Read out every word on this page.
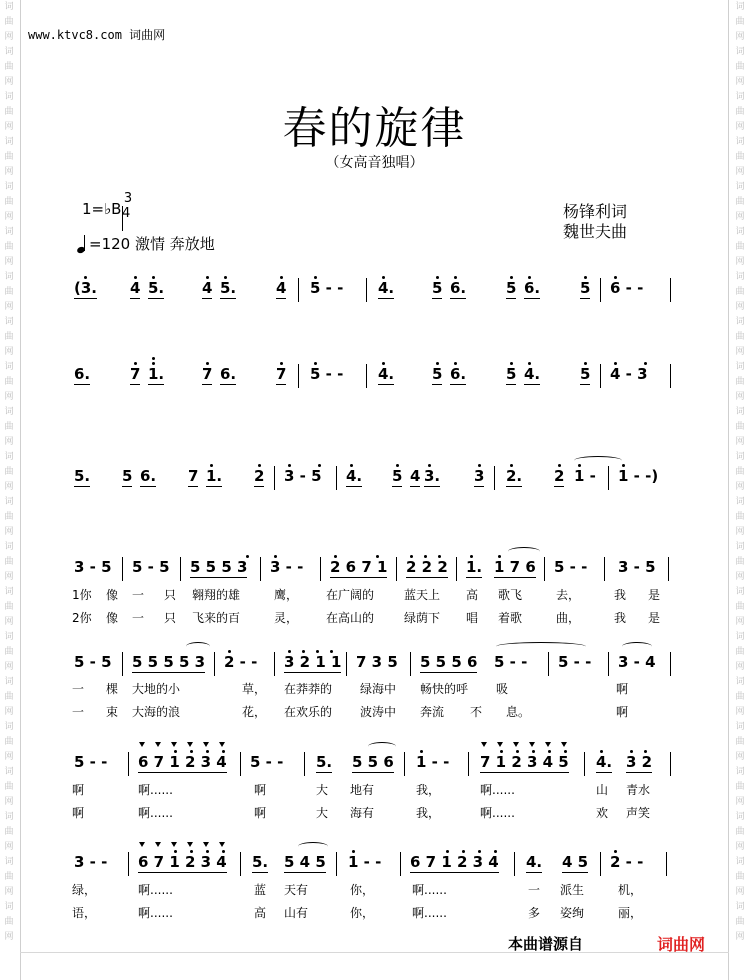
词曲网词曲网词曲网词曲网词曲网词曲网词曲网词曲网词曲网词曲网词曲网词曲网词曲网词曲网词曲网词曲网词曲网词曲网词曲网词曲网词曲网
词曲网词曲网词曲网词曲网词曲网词曲网词曲网词曲网词曲网词曲网词曲网词曲网词曲网词曲网词曲网词曲网词曲网词曲网词曲网词曲网词曲网
www.ktvc8.com 词曲网
春的旋律
（女高音独唱）
1=♭B
3
4
=120 激情 奔放地
杨锋利词
魏世夫曲
(3. 4 5.	4 5.	4 5 - - 4.	5 6.	5 6.	5 6 - -
6.	7 1.	7 6.	7 5 - - 4.	5 6.	5 4.	5 4 - 3
5. 5 6. 7 1. 2 3 - 5 4. 5 4 3. 3 2. 2 1 - 1 - -)
3 - 5 5 - 5 5 5 5 3 3 - - 2 6 7 1 2 2 2 1. 1 7 6 5 - - 3 - 5
1你 像 一 只 翱翔的雄	鹰， 在广阔的 蓝天上 高 歌飞	去，	我 是
2你 像 一 只 飞来的百	灵， 在高山的 绿荫下 唱 着歌	曲，	我 是
5 - 5 5 5 5 5 3 2 - - 3 2 1 1 7 3 5 5 5 5 6 5 - - 5 - - 3 - 4
一 棵 大地的小	草， 在莽莽的 绿海中 畅快的呼 吸	啊
一 束 大海的浪	花， 在欢乐的 波涛中 奔流 不 息。	啊
5 - - 6 7 1 2 3 4 5 - - 5. 5 5 6 1 - - 7 1 2 3 4 5 4. 3 2
啊	啊......	啊	大 地有	我，	啊......	山 青水
啊	啊......	啊	大 海有	我，	啊......	欢 声笑
3 - - 6 7 1 2 3 4 5. 5 4 5 1 - - 6 7 1 2 3 4 4. 4 5 2 - -
绿，	啊......	蓝 天有	你，	啊......	一 派生	机，
语，	啊......	高 山有	你，	啊......	多 姿绚	丽，
本曲谱源自	词曲网
